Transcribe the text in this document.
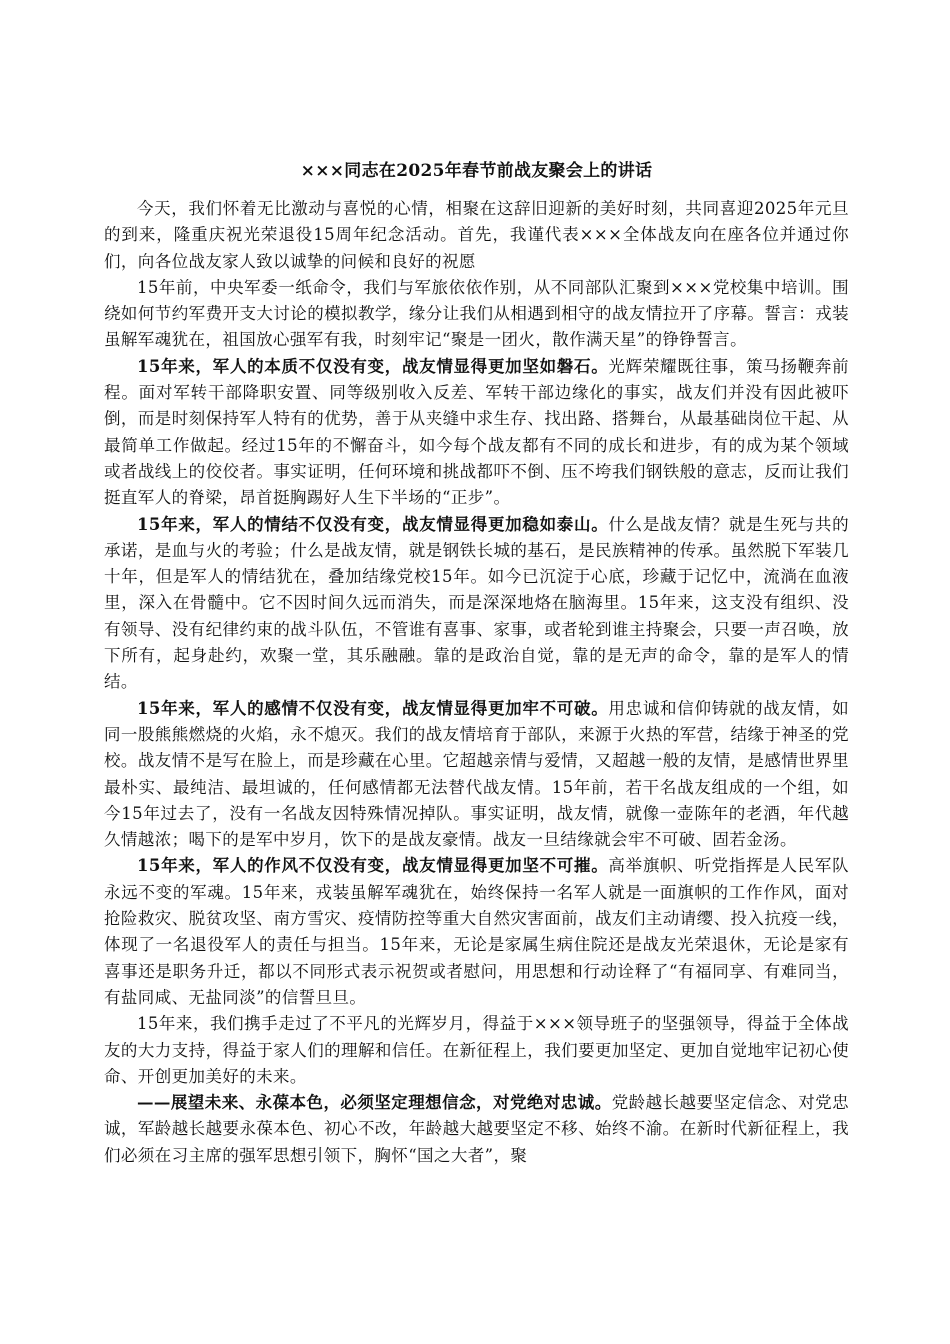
×××同志在2025年春节前战友聚会上的讲话

今天，我们怀着无比激动与喜悦的心情，相聚在这辞旧迎新的美好时刻，共同喜迎2025年元旦的到来，隆重庆祝光荣退役15周年纪念活动。首先，我谨代表×××全体战友向在座各位并通过你们，向各位战友家人致以诚挚的问候和良好的祝愿

15年前，中央军委一纸命令，我们与军旅依依作别，从不同部队汇聚到×××党校集中培训。围绕如何节约军费开支大讨论的模拟教学，缘分让我们从相遇到相守的战友情拉开了序幕。誓言：戎装虽解军魂犹在，祖国放心强军有我，时刻牢记“聚是一团火，散作满天星”的铮铮誓言。

15年来，军人的本质不仅没有变，战友情显得更加坚如磐石。光辉荣耀既往事，策马扬鞭奔前程。面对军转干部降职安置、同等级别收入反差、军转干部边缘化的事实，战友们并没有因此被吓倒，而是时刻保持军人特有的优势，善于从夹缝中求生存、找出路、搭舞台，从最基础岗位干起、从最简单工作做起。经过15年的不懈奋斗，如今每个战友都有不同的成长和进步，有的成为某个领域或者战线上的佼佼者。事实证明，任何环境和挑战都吓不倒、压不垮我们钢铁般的意志，反而让我们挺直军人的脊梁，昂首挺胸踢好人生下半场的“正步”。

15年来，军人的情结不仅没有变，战友情显得更加稳如泰山。什么是战友情？就是生死与共的承诺，是血与火的考验；什么是战友情，就是钢铁长城的基石，是民族精神的传承。虽然脱下军装几十年，但是军人的情结犹在，叠加结缘党校15年。如今已沉淀于心底，珍藏于记忆中，流淌在血液里，深入在骨髓中。它不因时间久远而消失，而是深深地烙在脑海里。15年来，这支没有组织、没有领导、没有纪律约束的战斗队伍，不管谁有喜事、家事，或者轮到谁主持聚会，只要一声召唤，放下所有，起身赴约，欢聚一堂，其乐融融。靠的是政治自觉，靠的是无声的命令，靠的是军人的情结。

15年来，军人的感情不仅没有变，战友情显得更加牢不可破。用忠诚和信仰铸就的战友情，如同一股熊熊燃烧的火焰，永不熄灭。我们的战友情培育于部队，来源于火热的军营，结缘于神圣的党校。战友情不是写在脸上，而是珍藏在心里。它超越亲情与爱情，又超越一般的友情，是感情世界里最朴实、最纯洁、最坦诚的，任何感情都无法替代战友情。15年前，若干名战友组成的一个组，如今15年过去了，没有一名战友因特殊情况掉队。事实证明，战友情，就像一壶陈年的老酒，年代越久情越浓；喝下的是军中岁月，饮下的是战友豪情。战友一旦结缘就会牢不可破、固若金汤。

15年来，军人的作风不仅没有变，战友情显得更加坚不可摧。高举旗帜、听党指挥是人民军队永远不变的军魂。15年来，戎装虽解军魂犹在，始终保持一名军人就是一面旗帜的工作作风，面对抢险救灾、脱贫攻坚、南方雪灾、疫情防控等重大自然灾害面前，战友们主动请缨、投入抗疫一线，体现了一名退役军人的责任与担当。15年来，无论是家属生病住院还是战友光荣退休，无论是家有喜事还是职务升迁，都以不同形式表示祝贺或者慰问，用思想和行动诠释了“有福同享、有难同当，有盐同咸、无盐同淡”的信誓旦旦。

15年来，我们携手走过了不平凡的光辉岁月，得益于×××领导班子的坚强领导，得益于全体战友的大力支持，得益于家人们的理解和信任。在新征程上，我们要更加坚定、更加自觉地牢记初心使命、开创更加美好的未来。

——展望未来、永葆本色，必须坚定理想信念，对党绝对忠诚。党龄越长越要坚定信念、对党忠诚，军龄越长越要永葆本色、初心不改，年龄越大越要坚定不移、始终不渝。在新时代新征程上，我们必须在习主席的强军思想引领下，胸怀“国之大者”，聚
